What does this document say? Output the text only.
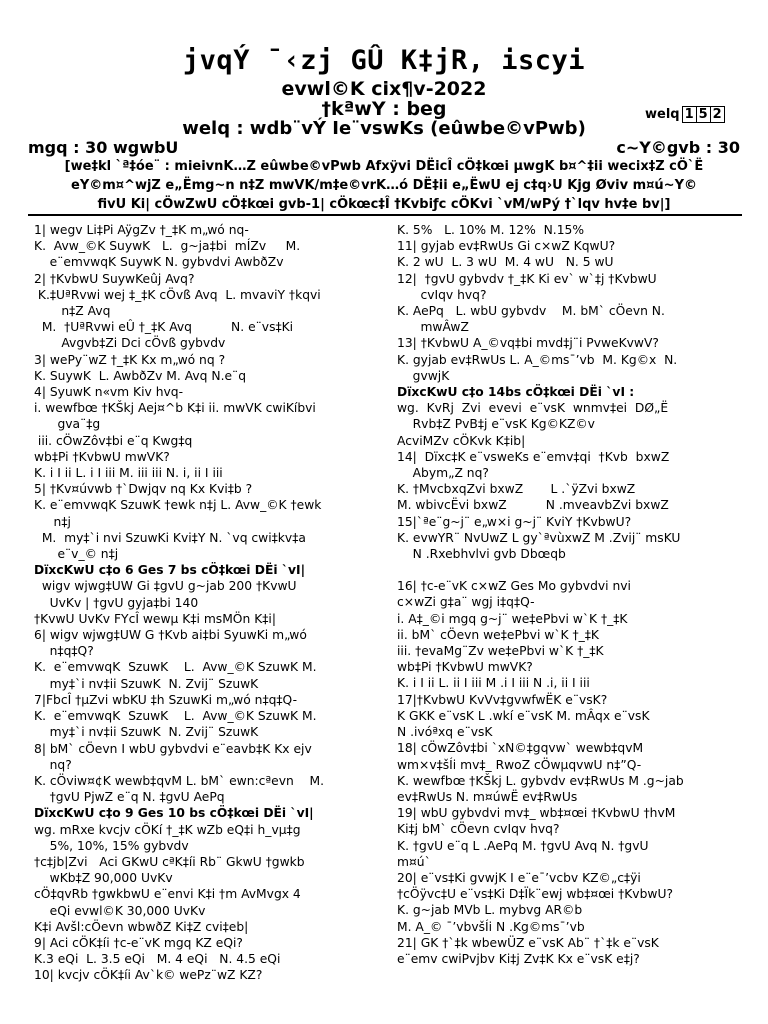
jvqÝ ¯‹zj GÛ K‡jR, iscyi
evwl©K cix¶v-2022
†kªwY : beg	welq 1 5 2
welq : wdb¨vÝ Ie¨vswKs (eûwbe©vPwb)
mgq : 30 wgwbU	c~Y©gvb : 30
[we‡kl `ª‡óe¨ : mieivnK…Z eûwbe©vPwb Afxÿvi DËicÎ cÖ‡kœi µwgK b¤^‡ii wecix‡Z cÖ`Ë
eY©m¤^wjZ e„Ëmg~n n‡Z mwVK/m‡e©vrK…ó DË‡ii e„ËwU ej c‡q›U Kjg Øviv m¤ú~Y©
fivU Ki| cÖwZwU cÖ‡kœi gvb-1| cÖkœc‡Î †Kvbiƒc cÖKvi `vM/wPý †`lqv hv‡e bv|]
1| wegv Li‡Pi AÿgZv †_‡K m„wó nq-
K.  Avw_©K SuywK   L.  g~ja‡bi  mÍZv     M.
e¨emvwqK SuywK N. gybvdvi AwbðZv
2| †KvbwU SuywKeûj Avq?
K.‡UªRvwi wej ‡_‡K cÖvß Avq  L. mvaviY †kqvi
n‡Z Avq
M.  †UªRvwi eÛ †_‡K Avq          N. e¨vs‡Ki
Avgvb‡Zi Dci cÖvß gybvdv
3| wePy¨wZ †_‡K Kx m„wó nq ?
K. SuywK  L. AwbðZv M. Avq N.e¨q
4| SyuwK n«vm Kiv hvq-
i. wewfbœ †KŠkj Aej¤^b K‡i ii. mwVK cwiKíbvi
gva¨‡g
iii. cÖwZôv‡bi e¨q Kwg‡q
wb‡Pi †KvbwU mwVK?
K. i I ii L. i I iii M. iii iii N. i, ii I iii
5| †Kv¤úvwb †`Dwjqv nq Kx Kvi‡b ?
K. e¨emvwqK SzuwK †ewk n‡j L. Avw_©K †ewk
n‡j
M.  my‡`i nvi SzuwKi Kvi‡Y N. `vq cwi‡kv‡a
e¨v_© n‡j
DïxcKwU c‡o 6 Ges 7 bs cÖ‡kœi DËi `vI|
wigv wjwg‡UW Gi ‡gvU g~jab 200 †KvwU
UvKv | †gvU gyja‡bi 140
†KvwU UvKv FYcÎ wewµ K‡i msMÖn K‡i|
6| wigv wjwg‡UW G †Kvb ai‡bi SyuwKi m„wó
n‡q‡Q?
K.  e¨emvwqK  SzuwK    L.  Avw_©K SzuwK M.
my‡`i nv‡ii SzuwK  N. Zvij¨ SzuwK
7|FbcÎ †µZvi wbKU ‡h SzuwKi m„wó n‡q‡Q-
K.  e¨emvwqK  SzuwK    L.  Avw_©K SzuwK M.
my‡`i nv‡ii SzuwK  N. Zvij¨ SzuwK
8| bM` cÖevn I wbU gybvdvi e¨eavb‡K Kx ejv
nq?
K. cÖviw¤¢K wewb‡qvM L. bM` ewn:cªevn    M.
†gvU PjwZ e¨q N. ‡gvU AePq
DïxcKwU c‡o 9 Ges 10 bs cÖ‡kœi DËi `vI|
wg. mRxe kvcjv cÖKí †_‡K wZb eQ‡i h_vµ‡g
5%, 10%, 15% gybvdv
†c‡jb|Zvi   Aci GKwU cªK‡íi Rb¨ GkwU †gwkb
wKb‡Z 90,000 UvKv
cÖ‡qvRb †gwkbwU e¨envi K‡i †m AvMvgx 4
eQi evwl©K 30,000 UvKv
K‡i Avšl:cÖevn wbwðZ Ki‡Z cvi‡eb|
9| Aci cÖK‡íi †c-e¨vK mgq KZ eQi?
K.3 eQi  L. 3.5 eQi   M. 4 eQi   N. 4.5 eQi
10| kvcjv cÖK‡íi Av`k© wePz¨wZ KZ?
K. 5%   L. 10% M. 12%  N.15%
11| gyjab ev‡RwUs Gi c×wZ KqwU?
K. 2 wU  L. 3 wU  M. 4 wU   N. 5 wU
12|  †gvU gybvdv †_‡K Ki ev` w`‡j †KvbwU
cvIqv hvq?
K. AePq   L. wbU gybvdv    M. bM` cÖevn N.
mwÂwZ
13| †KvbwU A_©vq‡bi mvd‡j¨i PvweKvwV?
K. gyjab ev‡RwUs L. A_©ms¯’vb  M. Kg©x  N.
gvwjK
DïxcKwU c‡o 14bs cÖ‡kœi DËi `vI :
wg.  KvRj  Zvi  evevi  e¨vsK  wnmv‡ei  DØ„Ë
Rvb‡Z PvB‡j e¨vsK Kg©KZ©v
AcviMZv cÖKvk K‡ib|
14|  Dïxc‡K e¨vsweKs e¨emv‡qi  †Kvb  bxwZ
Abym„Z nq?
K. †MvcbxqZvi bxwZ       L .`ÿZvi bxwZ
M. wbivcËvi bxwZ          N .mveavbZvi bxwZ
15|`ªe¨g~j¨ e„w×i g~j¨ KviY †KvbwU?
K. evwYR¨ NvUwZ L gy`ªvùxwZ M .Zvij¨ msKU
N .Rxebhvlvi gvb Dbœqb
16| †c-e¨vK c×wZ Ges Mo gybvdvi nvi
c×wZi g‡a¨ wgj i‡q‡Q-
i. A‡_©i mgq g~j¨ we‡ePbvi w`K †_‡K
ii. bM` cÖevn we‡ePbvi w`K †_‡K
iii. †evaMg¨Zv we‡ePbvi w`K †_‡K
wb‡Pi †KvbwU mwVK?
K. i I ii L. ii I iii M .i I iii N .i, ii I iii
17|†KvbwU KvVv‡gvwfwËK e¨vsK?
K GKK e¨vsK L .wkí e¨vsK M. mÂqx e¨vsK
N .ivóªxq e¨vsK
18| cÖwZôv‡bi `xN©‡gqvw` wewb‡qvM
wm×v‡šÍi mv‡_ RwoZ cÖwµqvwU n‡”Q-
K. wewfbœ †KŠkj L. gybvdv ev‡RwUs M .g~jab
ev‡RwUs N. m¤úwË ev‡RwUs
19| wbU gybvdvi mv‡_ wb‡¤œi †KvbwU †hvM
Ki‡j bM` cÖevn cvIqv hvq?
K. †gvU e¨q L .AePq M. †gvU Avq N. †gvU
m¤ú`
20| e¨vs‡Ki gvwjK I e¨e¯’vcbv KZ©„c‡ÿi
†cÖÿvc‡U e¨vs‡Ki D‡Ïk¨ewj wb‡¤œi †KvbwU?
K. g~jab MVb L. mybvg AR©b
M. A_© ¯’vbvšÍi N .Kg©ms¯’vb
21| GK †`‡k wbewÜZ e¨vsK Ab¨ †`‡k e¨vsK
e¨emv cwiPvjbv Ki‡j Zv‡K Kx e¨vsK e‡j?
